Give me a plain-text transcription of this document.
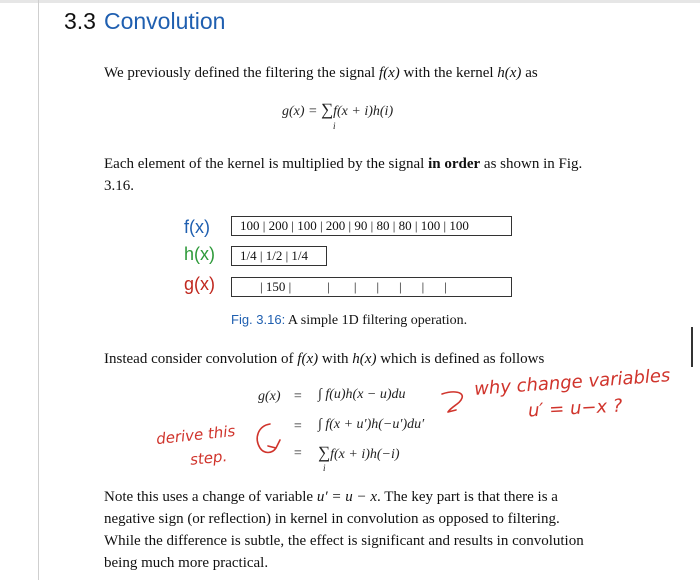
3.3 Convolution
We previously defined the filtering the signal f(x) with the kernel h(x) as
g(x) = ∑f(x + i)h(i)
i
Each element of the kernel is multiplied by the signal in order as shown in Fig. 3.16.
f(x)	100 | 200 | 100 | 200 | 90 | 80 | 80 | 100 | 100
h(x)	1/4 | 1/2 | 1/4
g(x)	| 150 |	| | | | | |
Fig. 3.16: A simple 1D filtering operation.
Instead consider convolution of f(x) with h(x) which is defined as follows
g(x) = ∫ f(u)h(x − u)du
= ∫ f(x + u′)h(−u′)du′
= ∑f(x + i)h(−i)
i
why change variables
u′ = u−x ?
derive this
step.
Note this uses a change of variable u′ = u − x. The key part is that there is a negative sign (or reflection) in kernel in convolution as opposed to filtering. While the difference is subtle, the effect is significant and results in convolution being much more practical.
